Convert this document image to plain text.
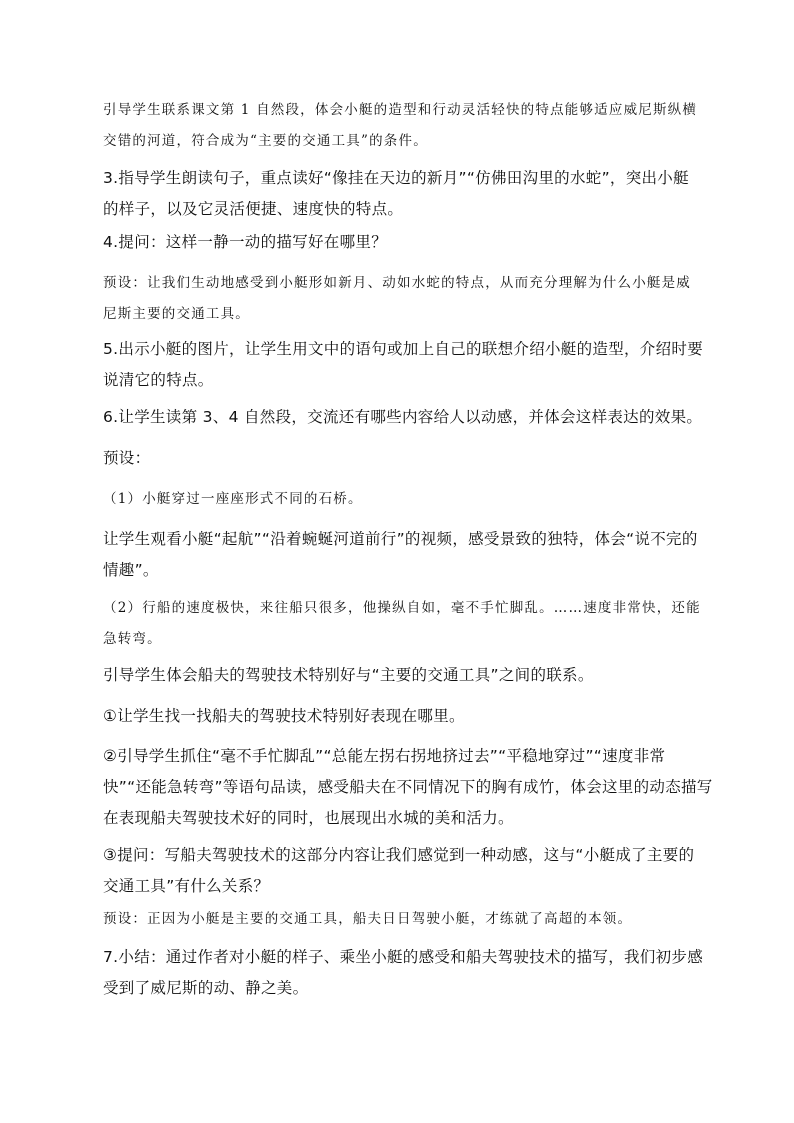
引导学生联系课文第 1 自然段，体会小艇的造型和行动灵活轻快的特点能够适应威尼斯纵横交错的河道，符合成为“主要的交通工具”的条件。

3.指导学生朗读句子，重点读好“像挂在天边的新月”“仿佛田沟里的水蛇”，突出小艇的样子，以及它灵活便捷、速度快的特点。

4.提问：这样一静一动的描写好在哪里？

预设：让我们生动地感受到小艇形如新月、动如水蛇的特点，从而充分理解为什么小艇是威尼斯主要的交通工具。

5.出示小艇的图片，让学生用文中的语句或加上自己的联想介绍小艇的造型，介绍时要说清它的特点。

6.让学生读第 3、4 自然段，交流还有哪些内容给人以动感，并体会这样表达的效果。

预设：

（1）小艇穿过一座座形式不同的石桥。

让学生观看小艇“起航”“沿着蜿蜒河道前行”的视频，感受景致的独特，体会“说不完的情趣”。

（2）行船的速度极快，来往船只很多，他操纵自如，毫不手忙脚乱。……速度非常快，还能急转弯。

引导学生体会船夫的驾驶技术特别好与“主要的交通工具”之间的联系。

①让学生找一找船夫的驾驶技术特别好表现在哪里。

②引导学生抓住“毫不手忙脚乱”“总能左拐右拐地挤过去”“平稳地穿过”“速度非常快”“还能急转弯”等语句品读，感受船夫在不同情况下的胸有成竹，体会这里的动态描写在表现船夫驾驶技术好的同时，也展现出水城的美和活力。

③提问：写船夫驾驶技术的这部分内容让我们感觉到一种动感，这与“小艇成了主要的交通工具”有什么关系？

预设：正因为小艇是主要的交通工具，船夫日日驾驶小艇，才练就了高超的本领。

7.小结：通过作者对小艇的样子、乘坐小艇的感受和船夫驾驶技术的描写，我们初步感受到了威尼斯的动、静之美。
